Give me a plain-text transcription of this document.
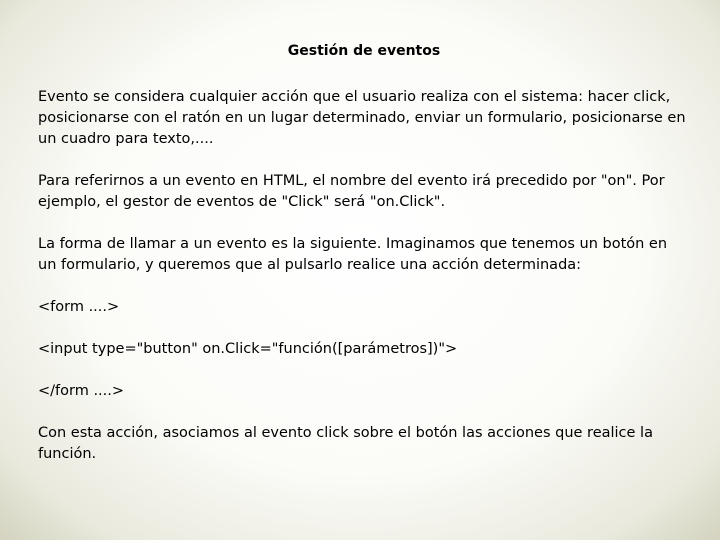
Gestión de eventos

Evento se considera cualquier acción que el usuario realiza con el sistema: hacer click, posicionarse con el ratón en un lugar determinado, enviar un formulario, posicionarse en un cuadro para texto,....

Para referirnos a un evento en HTML, el nombre del evento irá precedido por "on". Por ejemplo, el gestor de eventos de "Click" será "on.Click".

La forma de llamar a un evento es la siguiente. Imaginamos que tenemos un botón en un formulario, y queremos que al pulsarlo realice una acción determinada:

<form ....>

<input type="button" on.Click="función([parámetros])">

</form ....>

Con esta acción, asociamos al evento click sobre el botón las acciones que realice la función.
